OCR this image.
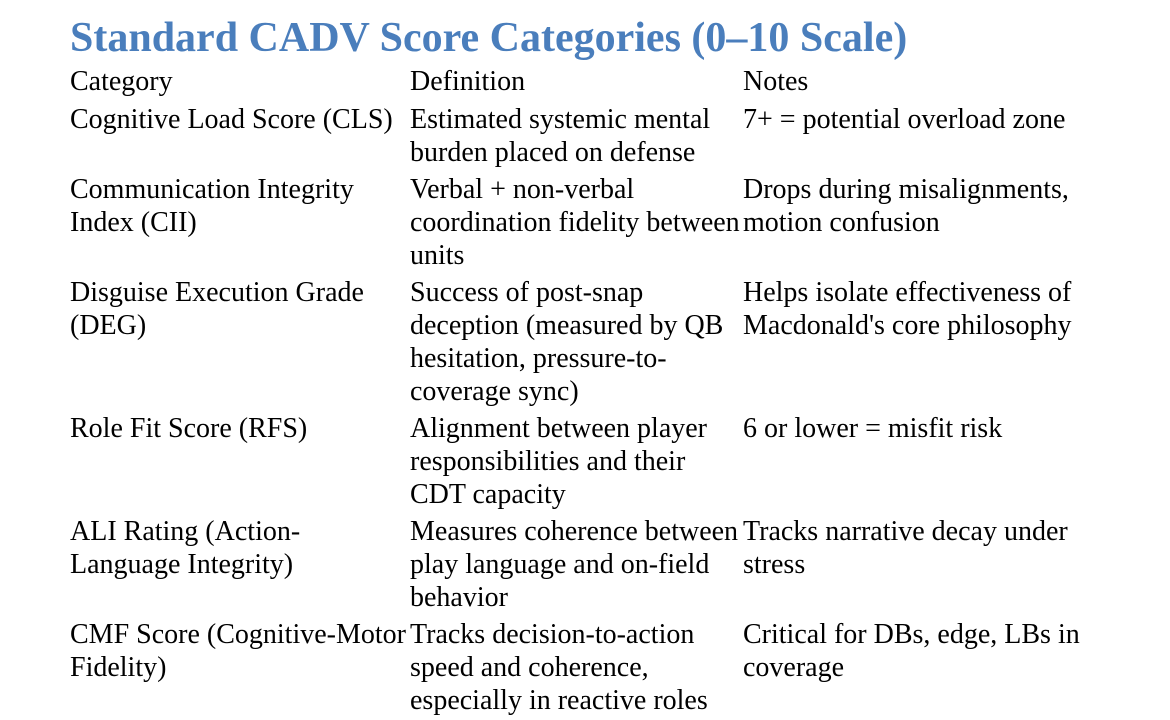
Standard CADV Score Categories (0–10 Scale)
Category	Definition	Notes
Cognitive Load Score (CLS)	Estimated systemic mental burden placed on defense	7+ = potential overload zone
Communication Integrity Index (CII)	Verbal + non-verbal coordination fidelity between units	Drops during misalignments, motion confusion
Disguise Execution Grade (DEG)	Success of post-snap deception (measured by QB hesitation, pressure-to-coverage sync)	Helps isolate effectiveness of Macdonald's core philosophy
Role Fit Score (RFS)	Alignment between player responsibilities and their CDT capacity	6 or lower = misfit risk
ALI Rating (Action-Language Integrity)	Measures coherence between play language and on-field behavior	Tracks narrative decay under stress
CMF Score (Cognitive-Motor Fidelity)	Tracks decision-to-action speed and coherence, especially in reactive roles	Critical for DBs, edge, LBs in coverage
